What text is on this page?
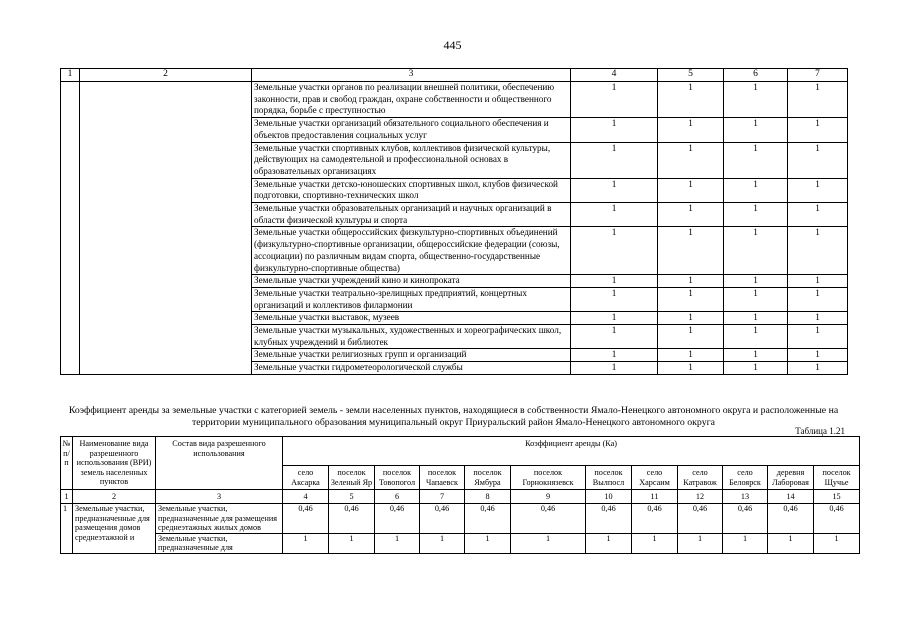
445
1	2	3	4	5	6	7
		Земельные участки органов по реализации внешней политики, обеспечению законности, прав и свобод граждан, охране собственности и общественного порядка, борьбе с преступностью	1	1	1	1
		Земельные участки организаций обязательного социального обеспечения и объектов предоставления социальных услуг	1	1	1	1
		Земельные участки спортивных клубов, коллективов физической культуры, действующих на самодеятельной и профессиональной основах в образовательных организациях	1	1	1	1
		Земельные участки детско-юношеских спортивных школ, клубов физической подготовки, спортивно-технических школ	1	1	1	1
		Земельные участки образовательных организаций и научных организаций в области физической культуры и спорта	1	1	1	1
		Земельные участки общероссийских физкультурно-спортивных объединений (физкультурно-спортивные организации, общероссийские федерации (союзы, ассоциации) по различным видам спорта, общественно-государственные физкультурно-спортивные общества)	1	1	1	1
		Земельные участки учреждений кино и кинопроката	1	1	1	1
		Земельные участки театрально-зрелищных предприятий, концертных организаций и коллективов филармонии	1	1	1	1
		Земельные участки выставок, музеев	1	1	1	1
		Земельные участки музыкальных, художественных и хореографических школ, клубных учреждений и библиотек	1	1	1	1
		Земельные участки религиозных групп и организаций	1	1	1	1
		Земельные участки гидрометеорологической службы	1	1	1	1
Коэффициент аренды за земельные участки с категорией земель - земли населенных пунктов, находящиеся в собственности Ямало-Ненецкого автономного округа и расположенные на территории муниципального образования муниципальный округ Приуральский район Ямало-Ненецкого автономного округа
Таблица 1.21
№ п/п	Наименование вида разрешенного использования (ВРИ) земель населенных пунктов	Состав вида разрешенного использования	Коэффициент аренды (Ка)											
			село Аксарка	поселок Зеленый Яр	поселок Товопогол	поселок Чапаевск	поселок Ямбура	поселок Горнокнязевск	поселок Вылпосл	село Харсаим	село Катравож	село Белоярск	деревня Лаборовая	поселок Щучье
1	2	3	4	5	6	7	8	9	10	11	12	13	14	15
1	Земельные участки, предназначенные для размещения домов среднеэтажной и	Земельные участки, предназначенные для размещения среднеэтажных жилых домов	0,46	0,46	0,46	0,46	0,46	0,46	0,46	0,46	0,46	0,46	0,46	0,46
		Земельные участки, предназначенные для	1	1	1	1	1	1	1	1	1	1	1	1
